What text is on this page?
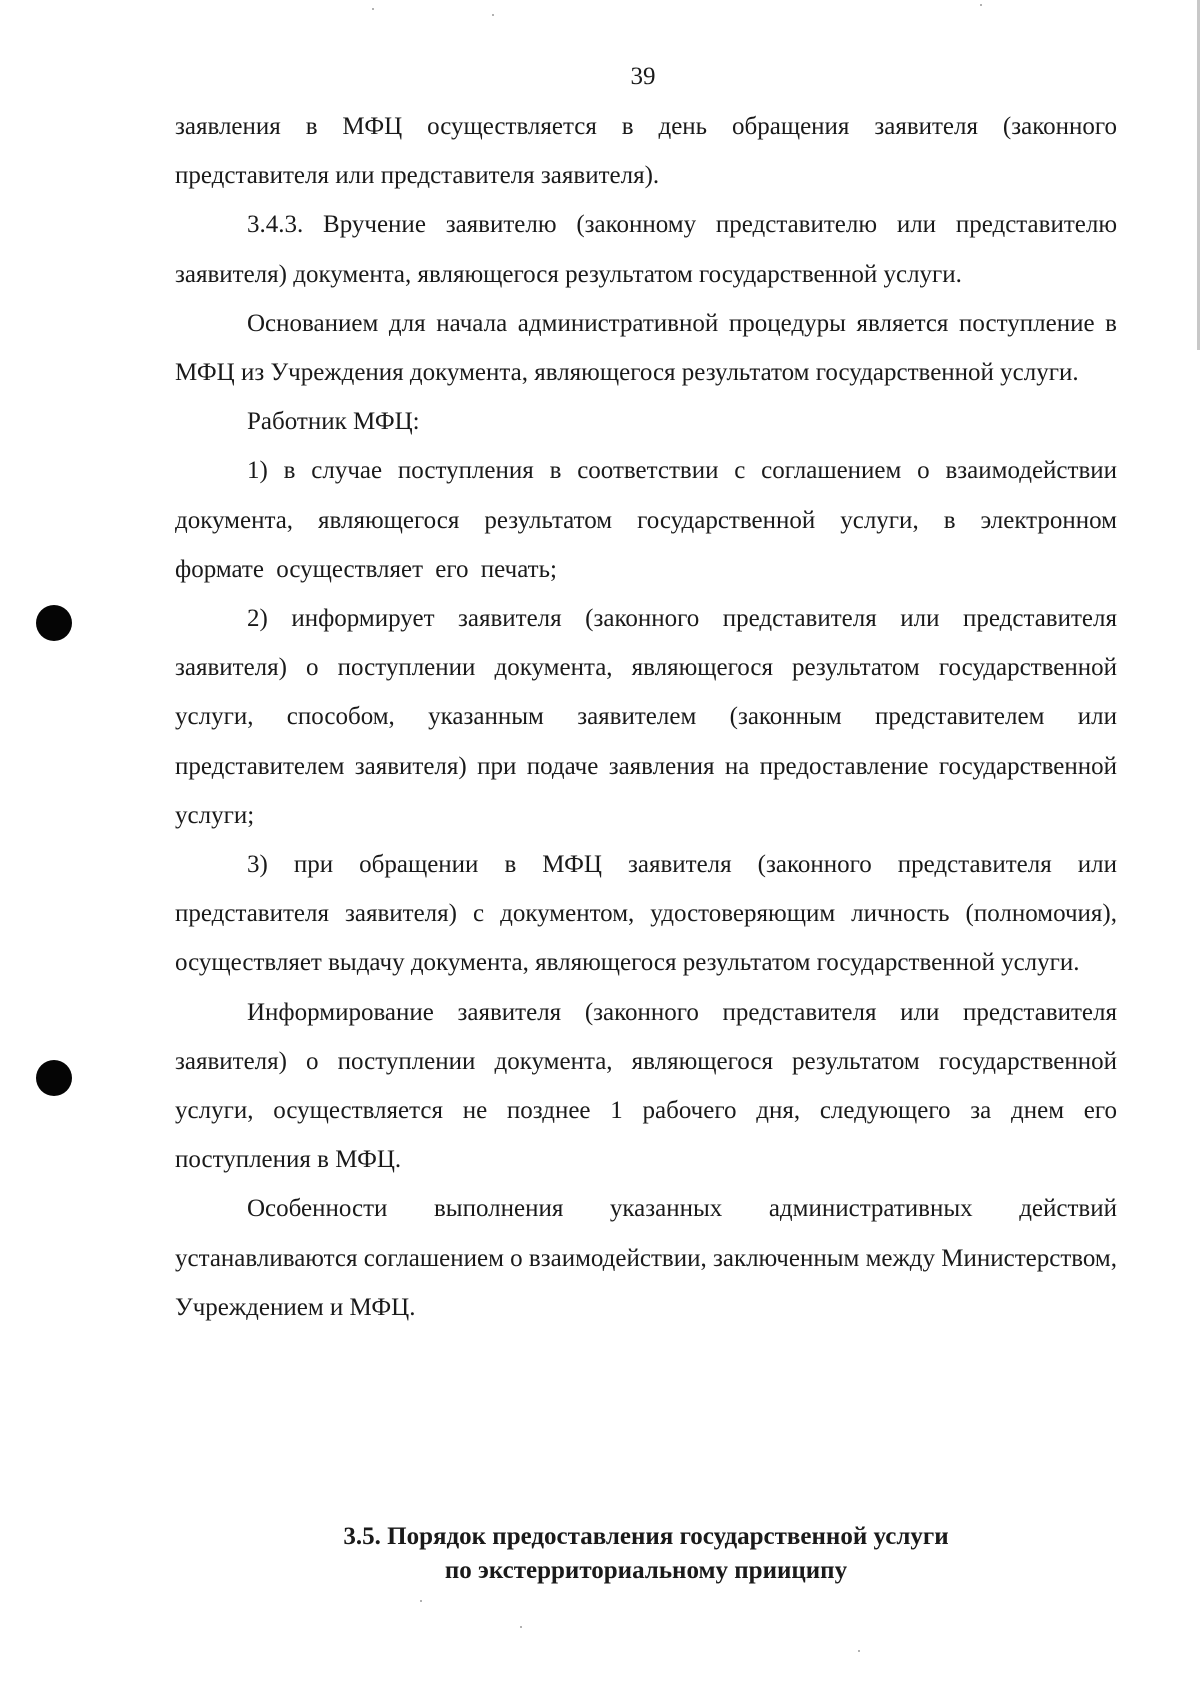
39

заявления в МФЦ осуществляется в день обращения заявителя (законного представителя или представителя заявителя).

3.4.3. Вручение заявителю (законному представителю или представителю заявителя) документа, являющегося результатом государственной услуги.

Основанием для начала административной процедуры является поступление в МФЦ из Учреждения документа, являющегося результатом государственной услуги.

Работник МФЦ:

1) в случае поступления в соответствии с соглашением о взаимодействии документа, являющегося результатом государственной услуги, в электронном формате осуществляет его печать;

2) информирует заявителя (законного представителя или представителя заявителя) о поступлении документа, являющегося результатом государственной услуги, способом, указанным заявителем (законным представителем или представителем заявителя) при подаче заявления на предоставление государственной услуги;

3) при обращении в МФЦ заявителя (законного представителя или представителя заявителя) с документом, удостоверяющим личность (полномочия), осуществляет выдачу документа, являющегося результатом государственной услуги.

Информирование заявителя (законного представителя или представителя заявителя) о поступлении документа, являющегося результатом государственной услуги, осуществляется не позднее 1 рабочего дня, следующего за днем его поступления в МФЦ.

Особенности выполнения указанных административных действий устанавливаются соглашением о взаимодействии, заключенным между Министерством, Учреждением и МФЦ.

3.5. Порядок предоставления государственной услуги
по экстерриториальному прииципу
